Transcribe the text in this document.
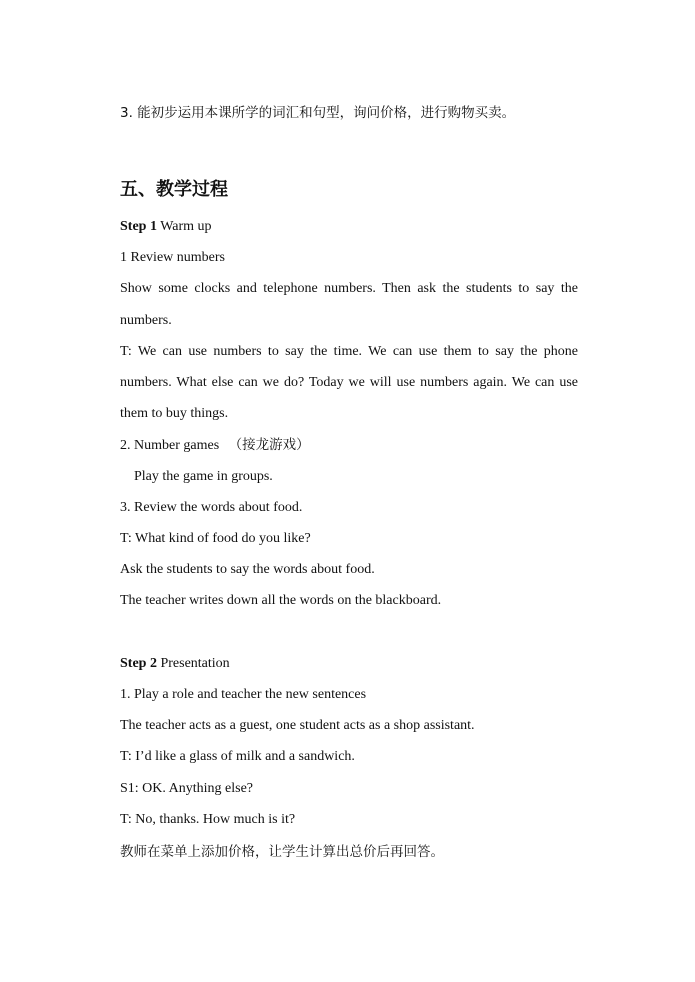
3. 能初步运用本课所学的词汇和句型，询问价格，进行购物买卖。
五、教学过程
Step 1 Warm up
1 Review numbers
Show some clocks and telephone numbers. Then ask the students to say the
numbers.
T: We can use numbers to say the time. We can use them to say the phone
numbers. What else can we do? Today we will use numbers again. We can use
them to buy things.
2. Number games （接龙游戏）
Play the game in groups.
3. Review the words about food.
T: What kind of food do you like?
Ask the students to say the words about food.
The teacher writes down all the words on the blackboard.
Step 2 Presentation
1. Play a role and teacher the new sentences
The teacher acts as a guest, one student acts as a shop assistant.
T: I’d like a glass of milk and a sandwich.
S1: OK. Anything else?
T: No, thanks. How much is it?
教师在菜单上添加价格，让学生计算出总价后再回答。
